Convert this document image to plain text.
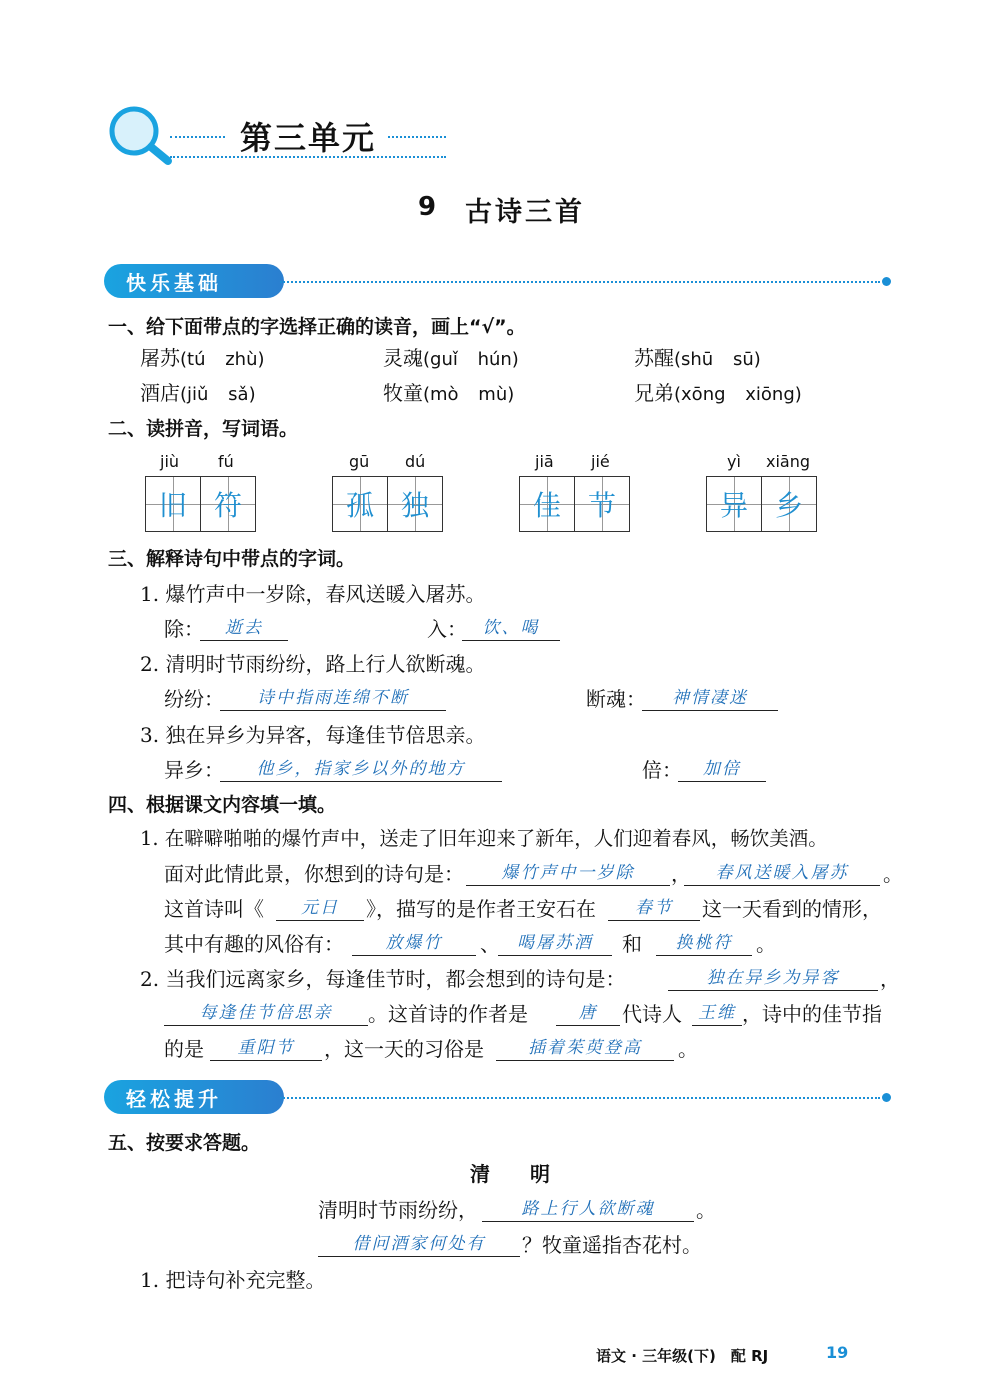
第三单元
9 古诗三首
快乐基础
一、给下面带点的字选择正确的读音，画上“√”。
屠苏(tú zhù)	灵魂(guǐ hún)	苏醒(shū sū)
酒店(jiǔ sǎ)	牧童(mò mù)	兄弟(xōng xiōng)
二、读拼音，写词语。
jiù fú
旧 符
gū dú
孤 独
jiā jié
佳 节
yì xiāng
异 乡
三、解释诗句中带点的字词。
1. 爆竹声中一岁除，春风送暖入屠苏。
除： 逝去	入： 饮、喝
2. 清明时节雨纷纷，路上行人欲断魂。
纷纷： 诗中指雨连绵不断	断魂： 神情凄迷
3. 独在异乡为异客，每逢佳节倍思亲。
异乡： 他乡，指家乡以外的地方	倍： 加倍
四、根据课文内容填一填。
1. 在噼噼啪啪的爆竹声中，送走了旧年迎来了新年，人们迎着春风，畅饮美酒。
面对此情此景，你想到的诗句是： 爆竹声中一岁除 ， 春风送暖入屠苏 。
这首诗叫《 元日 》，描写的是作者王安石在 春节 这一天看到的情形，
其中有趣的风俗有： 放爆竹 、 喝屠苏酒 和 换桃符 。
2. 当我们远离家乡，每逢佳节时，都会想到的诗句是：	独在异乡为异客 ，
每逢佳节倍思亲 。这首诗的作者是	唐 代诗人 王维 ，诗中的佳节指
的是 重阳节 ，这一天的习俗是	插着茱萸登高 。
轻松提升
五、按要求答题。
清　　明
清明时节雨纷纷，	路上行人欲断魂 。
借问酒家何处有 ？牧童遥指杏花村。
1. 把诗句补充完整。
语文 · 三年级(下)　配 RJ	19
